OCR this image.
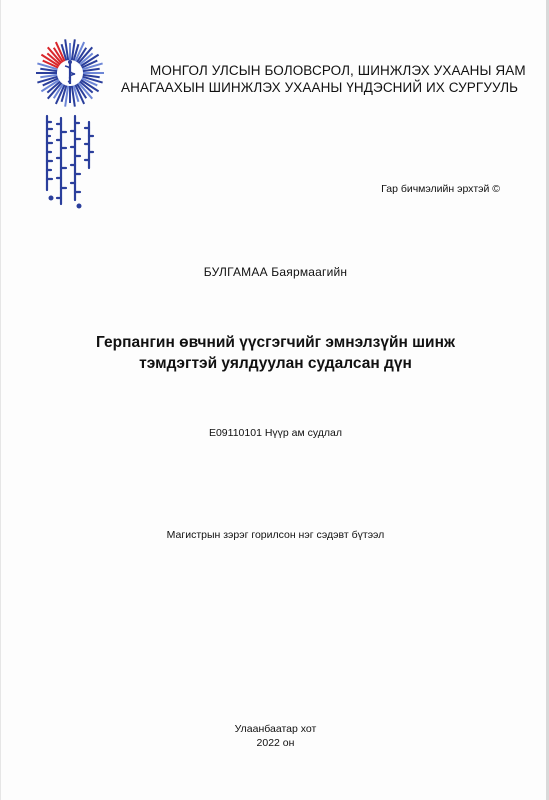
МОНГОЛ УЛСЫН БОЛОВСРОЛ, ШИНЖЛЭХ УХААНЫ ЯАМ
АНАГААХЫН ШИНЖЛЭХ УХААНЫ ҮНДЭСНИЙ ИХ СУРГУУЛЬ
Гар бичмэлийн эрхтэй ©
БУЛГАМАА Баярмаагийн
Герпангин өвчний үүсгэгчийг эмнэлзүйн шинж
тэмдэгтэй уялдуулан судалсан дүн
E09110101 Нүүр ам судлал
Магистрын зэрэг горилсон нэг сэдэвт бүтээл
Улаанбаатар хот
2022 он
